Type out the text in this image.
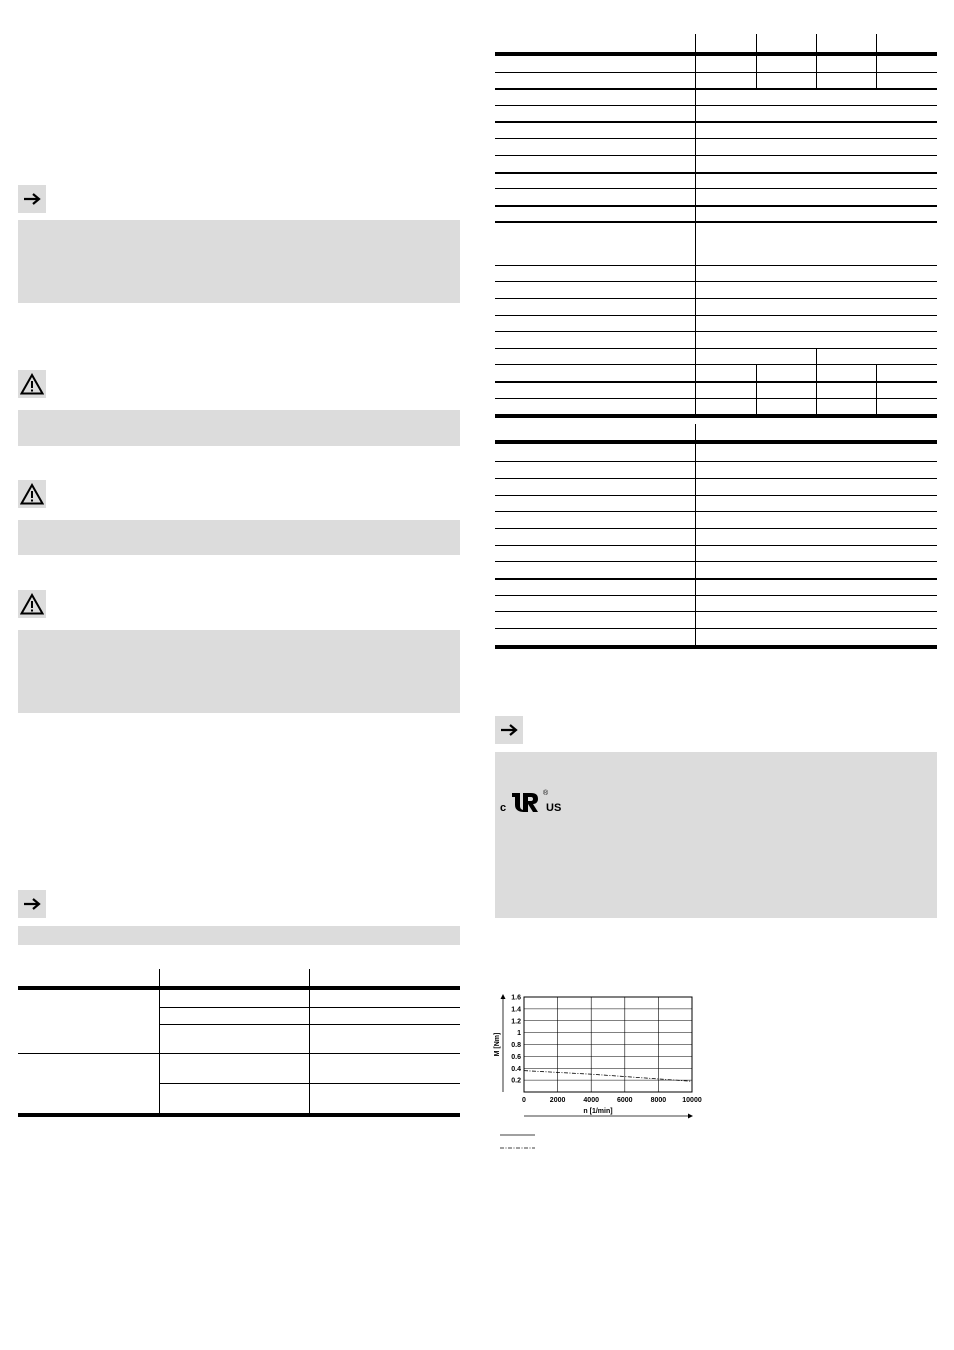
c
®
US
0.2
0.4
0.6
0.8
1
1.2
1.4
1.6
0	2000	4000	6000	8000 10000
M [Nm]
n [1/min]
